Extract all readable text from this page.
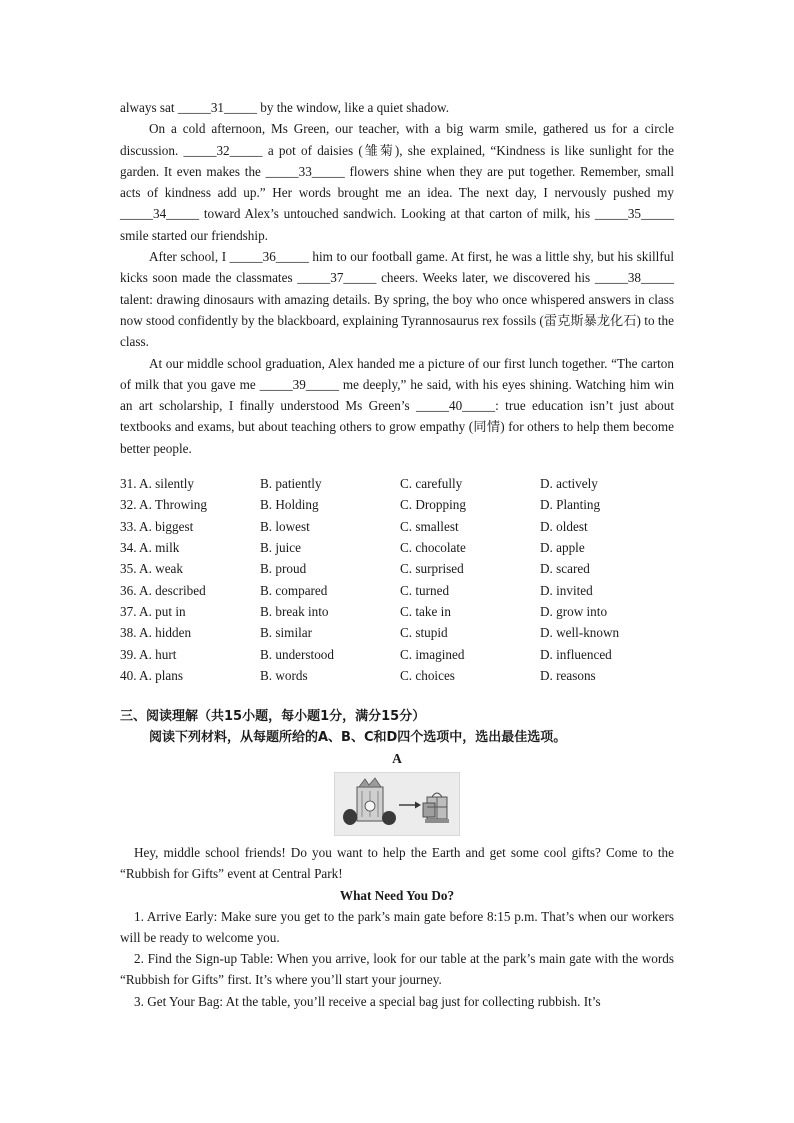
always sat _____31_____ by the window, like a quiet shadow.

On a cold afternoon, Ms Green, our teacher, with a big warm smile, gathered us for a circle discussion. _____32_____ a pot of daisies (雏菊), she explained, “Kindness is like sunlight for the garden. It even makes the _____33_____ flowers shine when they are put together. Remember, small acts of kindness add up.” Her words brought me an idea. The next day, I nervously pushed my _____34_____ toward Alex’s untouched sandwich. Looking at that carton of milk, his _____35_____ smile started our friendship.

After school, I _____36_____ him to our football game. At first, he was a little shy, but his skillful kicks soon made the classmates _____37_____ cheers. Weeks later, we discovered his _____38_____ talent: drawing dinosaurs with amazing details. By spring, the boy who once whispered answers in class now stood confidently by the blackboard, explaining Tyrannosaurus rex fossils (雷克斯暴龙化石) to the class.

At our middle school graduation, Alex handed me a picture of our first lunch together. “The carton of milk that you gave me _____39_____ me deeply,” he said, with his eyes shining. Watching him win an art scholarship, I finally understood Ms Green’s _____40_____: true education isn’t just about textbooks and exams, but about teaching others to grow empathy (同情) for others to help them become better people.

31. A. silently	B. patiently	C. carefully	D. actively
32. A. Throwing	B. Holding	C. Dropping	D. Planting
33. A. biggest	B. lowest	C. smallest	D. oldest
34. A. milk	B. juice	C. chocolate	D. apple
35. A. weak	B. proud	C. surprised	D. scared
36. A. described	B. compared	C. turned	D. invited
37. A. put in	B. break into	C. take in	D. grow into
38. A. hidden	B. similar	C. stupid	D. well-known
39. A. hurt	B. understood	C. imagined	D. influenced
40. A. plans	B. words	C. choices	D. reasons
三、阅读理解（共15小题，每小题1分，满分15分）
阅读下列材料，从每题所给的A、B、C和D四个选项中，选出最佳选项。
A

Hey, middle school friends! Do you want to help the Earth and get some cool gifts? Come to the “Rubbish for Gifts” event at Central Park!

What Need You Do?

1. Arrive Early: Make sure you get to the park’s main gate before 8:15 p.m. That’s when our workers will be ready to welcome you.

2. Find the Sign-up Table: When you arrive, look for our table at the park’s main gate with the words “Rubbish for Gifts” first. It’s where you’ll start your journey.

3. Get Your Bag: At the table, you’ll receive a special bag just for collecting rubbish. It’s
